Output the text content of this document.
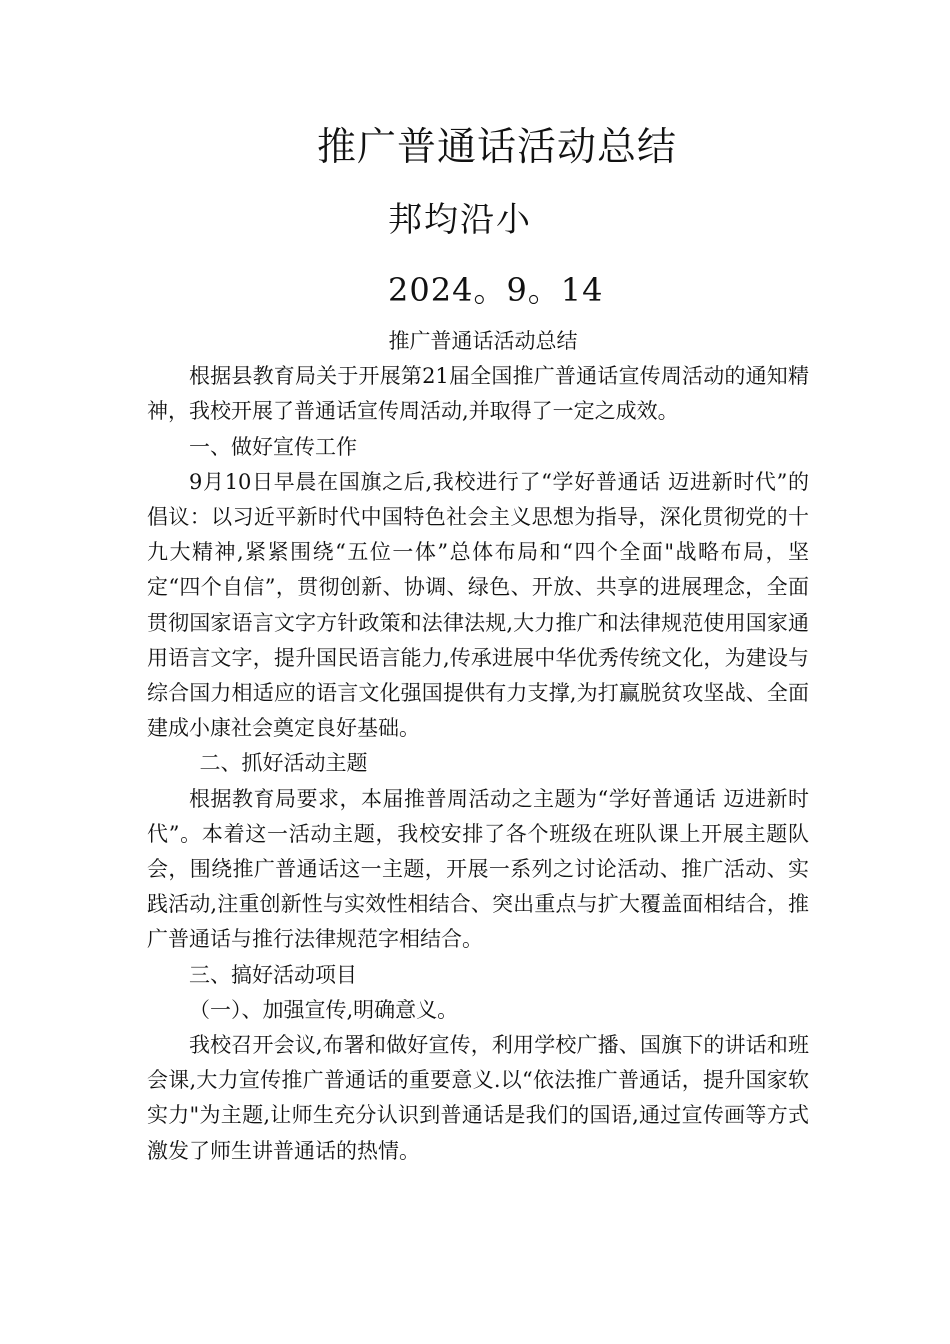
推广普通话活动总结
邦均沿小
2024。9。14

推广普通话活动总结

根据县教育局关于开展第21届全国推广普通话宣传周活动的通知精神，我校开展了普通话宣传周活动,并取得了一定之成效。

一、做好宣传工作

9月10日早晨在国旗之后,我校进行了“学好普通话 迈进新时代”的倡议：以习近平新时代中国特色社会主义思想为指导，深化贯彻党的十九大精神,紧紧围绕“五位一体”总体布局和“四个全面"战略布局，坚定“四个自信”，贯彻创新、协调、绿色、开放、共享的进展理念，全面贯彻国家语言文字方针政策和法律法规,大力推广和法律规范使用国家通用语言文字，提升国民语言能力,传承进展中华优秀传统文化，为建设与综合国力相适应的语言文化强国提供有力支撑,为打赢脱贫攻坚战、全面建成小康社会奠定良好基础。

二、抓好活动主题

根据教育局要求，本届推普周活动之主题为“学好普通话 迈进新时代”。本着这一活动主题，我校安排了各个班级在班队课上开展主题队会，围绕推广普通话这一主题，开展一系列之讨论活动、推广活动、实践活动,注重创新性与实效性相结合、突出重点与扩大覆盖面相结合，推广普通话与推行法律规范字相结合。

三、搞好活动项目

（一）、加强宣传,明确意义。

我校召开会议,布署和做好宣传，利用学校广播、国旗下的讲话和班会课,大力宣传推广普通话的重要意义.以“依法推广普通话，提升国家软实力"为主题,让师生充分认识到普通话是我们的国语,通过宣传画等方式激发了师生讲普通话的热情。
